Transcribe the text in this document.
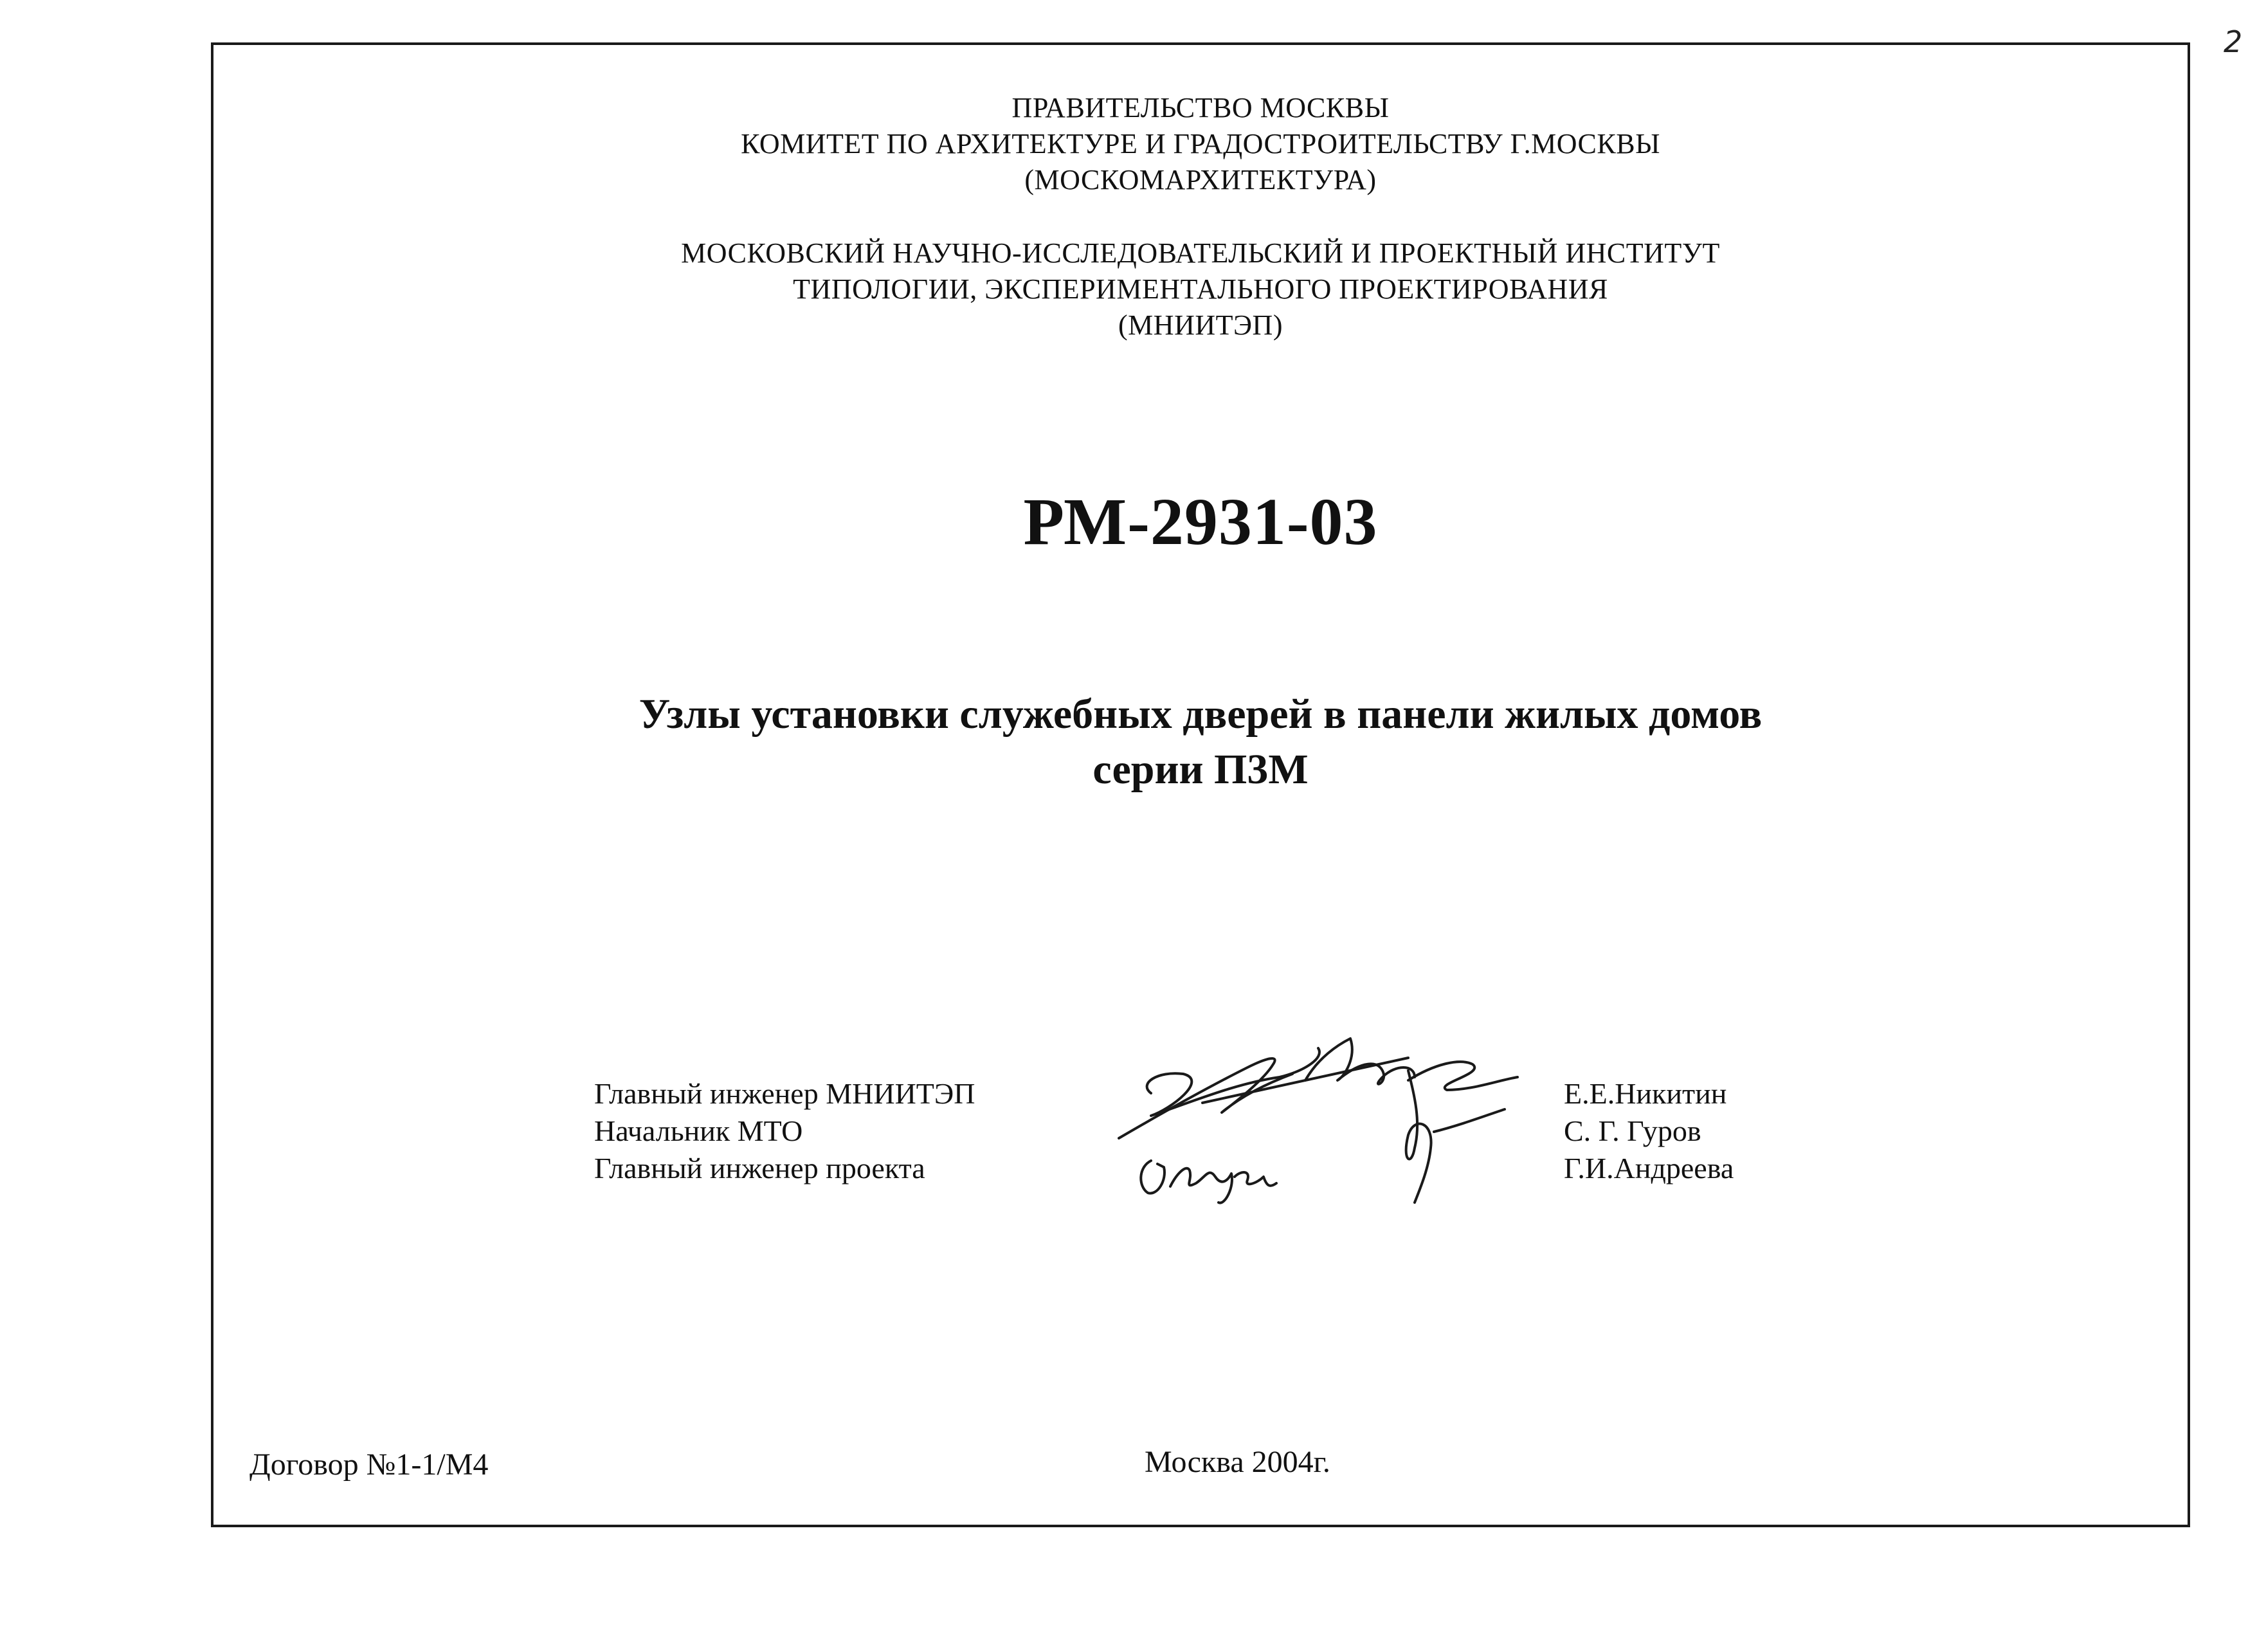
2
ПРАВИТЕЛЬСТВО МОСКВЫ
КОМИТЕТ ПО АРХИТЕКТУРЕ И ГРАДОСТРОИТЕЛЬСТВУ Г.МОСКВЫ
(МОСКОМАРХИТЕКТУРА)
МОСКОВСКИЙ НАУЧНО-ИССЛЕДОВАТЕЛЬСКИЙ И ПРОЕКТНЫЙ ИНСТИТУТ
ТИПОЛОГИИ, ЭКСПЕРИМЕНТАЛЬНОГО ПРОЕКТИРОВАНИЯ
(МНИИТЭП)
РМ-2931-03
Узлы установки служебных дверей в панели жилых домов
серии П3М
Главный инженер МНИИТЭП
Начальник МТО
Главный инженер проекта
Е.Е.Никитин
С. Г. Гуров
Г.И.Андреева
Договор №1-1/М4	Москва 2004г.
